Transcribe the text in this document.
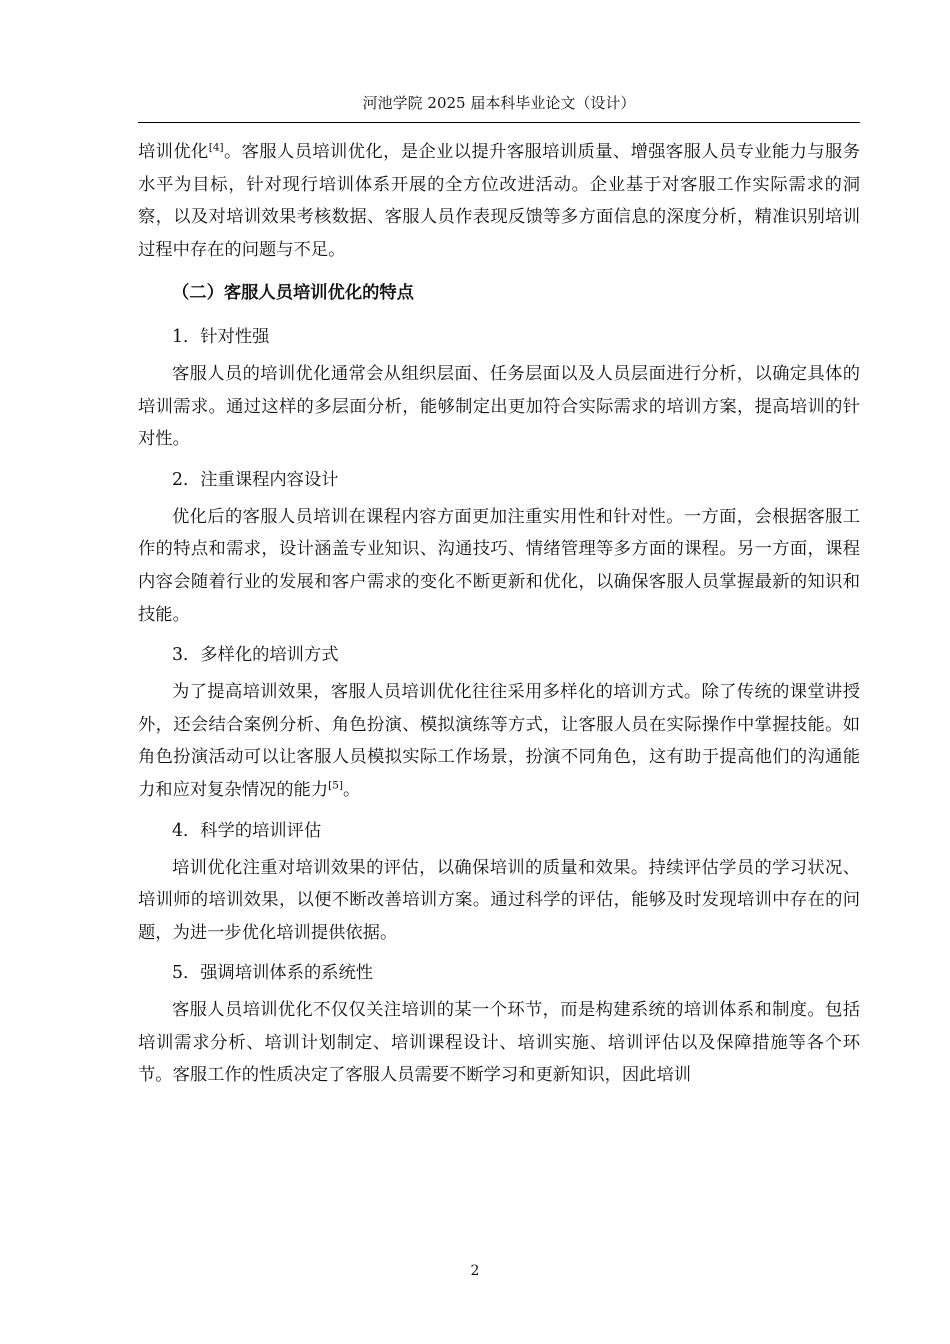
河池学院 2025 届本科毕业论文（设计）

培训优化[4]。客服人员培训优化，是企业以提升客服培训质量、增强客服人员专业能力与服务水平为目标，针对现行培训体系开展的全方位改进活动。企业基于对客服工作实际需求的洞察，以及对培训效果考核数据、客服人员作表现反馈等多方面信息的深度分析，精准识别培训过程中存在的问题与不足。

（二）客服人员培训优化的特点
1．针对性强

客服人员的培训优化通常会从组织层面、任务层面以及人员层面进行分析，以确定具体的培训需求。通过这样的多层面分析，能够制定出更加符合实际需求的培训方案，提高培训的针对性。

2．注重课程内容设计

优化后的客服人员培训在课程内容方面更加注重实用性和针对性。一方面，会根据客服工作的特点和需求，设计涵盖专业知识、沟通技巧、情绪管理等多方面的课程。另一方面，课程内容会随着行业的发展和客户需求的变化不断更新和优化，以确保客服人员掌握最新的知识和技能。

3．多样化的培训方式

为了提高培训效果，客服人员培训优化往往采用多样化的培训方式。除了传统的课堂讲授外，还会结合案例分析、角色扮演、模拟演练等方式，让客服人员在实际操作中掌握技能。如角色扮演活动可以让客服人员模拟实际工作场景，扮演不同角色，这有助于提高他们的沟通能力和应对复杂情况的能力[5]。

4．科学的培训评估

培训优化注重对培训效果的评估，以确保培训的质量和效果。持续评估学员的学习状况、培训师的培训效果，以便不断改善培训方案。通过科学的评估，能够及时发现培训中存在的问题，为进一步优化培训提供依据。

5．强调培训体系的系统性

客服人员培训优化不仅仅关注培训的某一个环节，而是构建系统的培训体系和制度。包括培训需求分析、培训计划制定、培训课程设计、培训实施、培训评估以及保障措施等各个环节。客服工作的性质决定了客服人员需要不断学习和更新知识，因此培训

2
